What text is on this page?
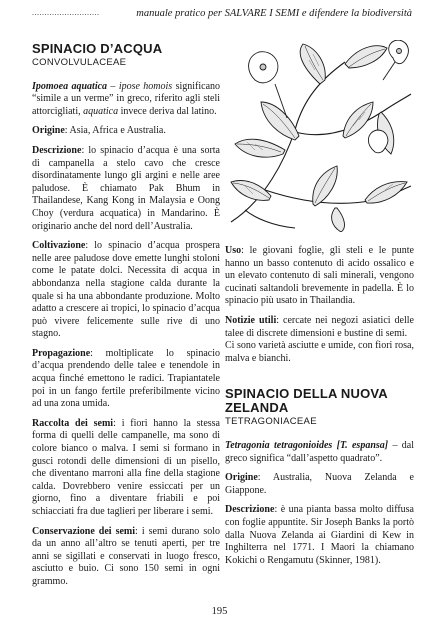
...........................	manuale pratico per SALVARE I SEMI e difendere la biodiversità
SPINACIO D’ACQUA
CONVOLVULACEAE

Ipomoea aquatica – ipose homois significano “simile a un verme” in greco, riferito agli steli attorcigliati, aquatica invece deriva dal latino.

Origine: Asia, Africa e Australia.

Descrizione: lo spinacio d’acqua è una sorta di campanella a stelo cavo che cresce disordinatamente lungo gli argini e nelle aree paludose. È chiamato Pak Bhum in Thailandese, Kang Kong in Malaysia e Oong Choy (verdura acquatica) in Mandarino. È originario anche del nord dell’Australia.

Coltivazione: lo spinacio d’acqua prospera nelle aree paludose dove emette lunghi stoloni come le patate dolci. Necessita di acqua in abbondanza nella stagione calda durante la quale si ha una abbondante produzione. Molto adatto a crescere ai tropici, lo spinacio d’acqua può vivere felicemente sulle rive di uno stagno.

Propagazione: moltiplicate lo spinacio d’acqua prendendo delle talee e tenendole in acqua finché emettono le radici. Trapiantatele poi in un fango fertile preferibilmente vicino ad una zona umida.

Raccolta dei semi: i fiori hanno la stessa forma di quelli delle campanelle, ma sono di colore bianco o malva. I semi si formano in gusci rotondi delle dimensioni di un pisello, che diventano marroni alla fine della stagione calda. Dovrebbero venire essiccati per un giorno, fino a diventare friabili e poi schiacciati fra due taglieri per liberare i semi.

Conservazione dei semi: i semi durano solo da un anno all’altro se tenuti aperti, per tre anni se sigillati e conservati in luogo fresco, asciutto e buio. Ci sono 150 semi in ogni grammo.

Uso: le giovani foglie, gli steli e le punte hanno un basso contenuto di acido ossalico e un elevato contenuto di sali minerali, vengono cucinati saltandoli brevemente in padella. È lo spinacio più usato in Thailandia.

Notizie utili: cercate nei negozi asiatici delle talee di discrete dimensioni e bustine di semi.

Ci sono varietà asciutte e umide, con fiori rosa, malva e bianchi.

SPINACIO DELLA NUOVA ZELANDA
TETRAGONIACEAE

Tetragonia tetragonioides [T. espansa] – dal greco significa “dall’aspetto quadrato”.

Origine: Australia, Nuova Zelanda e Giappone.

Descrizione: è una pianta bassa molto diffusa con foglie appuntite. Sir Joseph Banks la portò dalla Nuova Zelanda ai Giardini di Kew in Inghilterra nel 1771. I Maori la chiamano Kokichi o Rengamutu (Skinner, 1981).

195
